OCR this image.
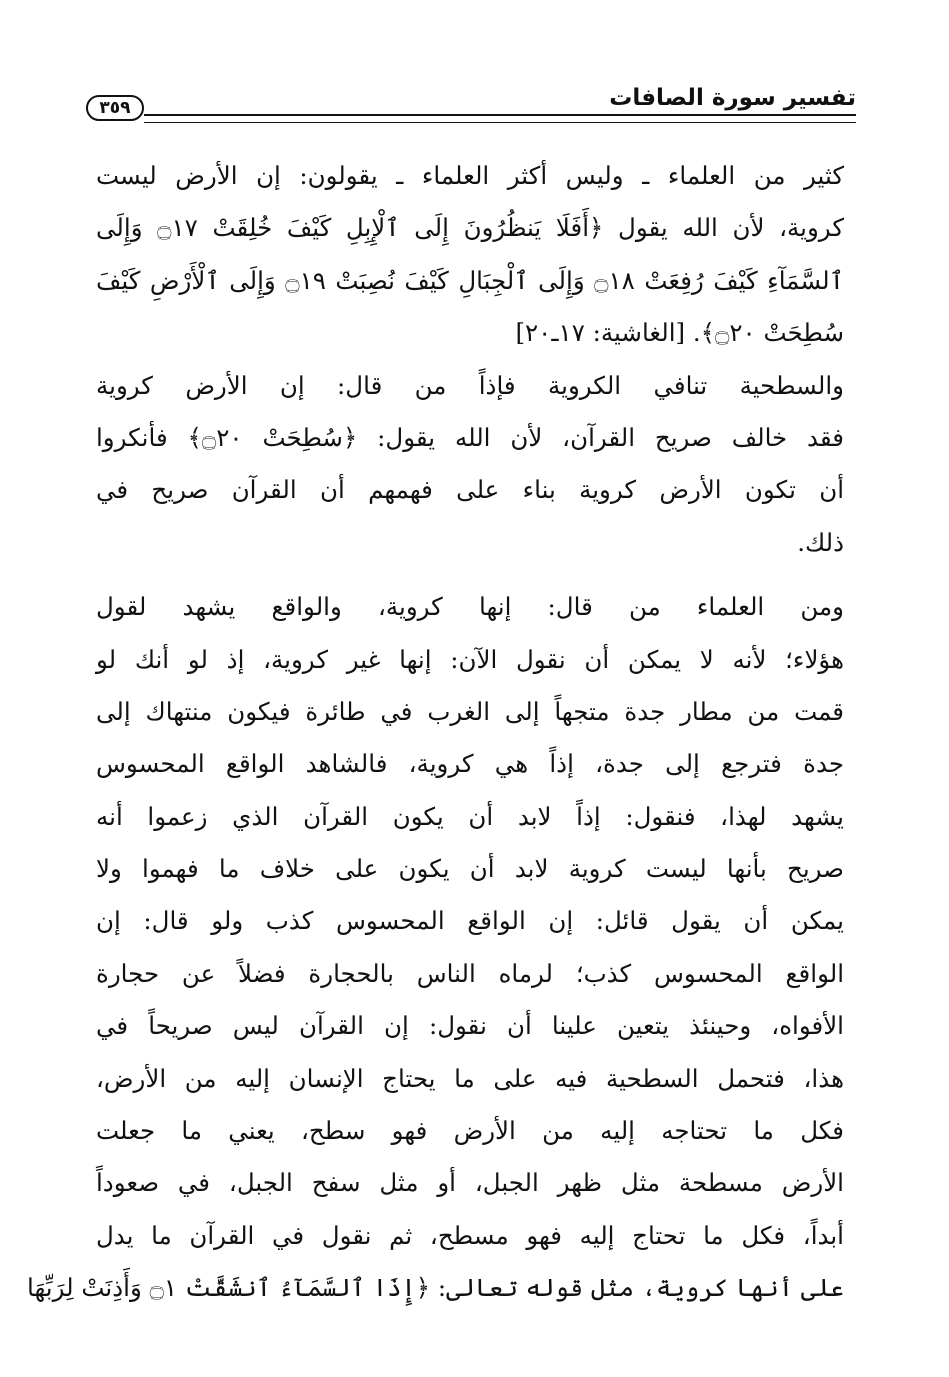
تفسير سورة الصافات
٣٥٩
كثير من العلماء ـ وليس أكثر العلماء ـ يقولون: إن الأرض ليست
كروية، لأن الله يقول ﴿أَفَلَا يَنظُرُونَ إِلَى ٱلْإِبِلِ كَيْفَ خُلِقَتْ ۝١٧ وَإِلَى
ٱلسَّمَآءِ كَيْفَ رُفِعَتْ ۝١٨ وَإِلَى ٱلْجِبَالِ كَيْفَ نُصِبَتْ ۝١٩ وَإِلَى ٱلْأَرْضِ كَيْفَ
سُطِحَتْ ۝٢٠﴾. [الغاشية: ١٧ـ٢٠]
والسطحية تنافي الكروية فإذاً من قال: إن الأرض كروية
فقد خالف صريح القرآن، لأن الله يقول: ﴿سُطِحَتْ ۝٢٠﴾ فأنكروا
أن تكون الأرض كروية بناء على فهمهم أن القرآن صريح في
ذلك.
ومن العلماء من قال: إنها كروية، والواقع يشهد لقول
هؤلاء؛ لأنه لا يمكن أن نقول الآن: إنها غير كروية، إذ لو أنك لو
قمت من مطار جدة متجهاً إلى الغرب في طائرة فيكون منتهاك إلى
جدة فترجع إلى جدة، إذاً هي كروية، فالشاهد الواقع المحسوس
يشهد لهذا، فنقول: إذاً لابد أن يكون القرآن الذي زعموا أنه
صريح بأنها ليست كروية لابد أن يكون على خلاف ما فهموا ولا
يمكن أن يقول قائل: إن الواقع المحسوس كذب ولو قال: إن
الواقع المحسوس كذب؛ لرماه الناس بالحجارة فضلاً عن حجارة
الأفواه، وحينئذ يتعين علينا أن نقول: إن القرآن ليس صريحاً في
هذا، فتحمل السطحية فيه على ما يحتاج الإنسان إليه من الأرض،
فكل ما تحتاجه إليه من الأرض فهو سطح، يعني ما جعلت
الأرض مسطحة مثل ظهر الجبل، أو مثل سفح الجبل، في صعوداً
أبداً، فكل ما تحتاج إليه فهو مسطح، ثم نقول في القرآن ما يدل
على أنها كروية، مثل قوله تعالى: ﴿إِذَا ٱلسَّمَآءُ ٱنشَقَّتْ ۝١ وَأَذِنَتْ لِرَبِّهَا
